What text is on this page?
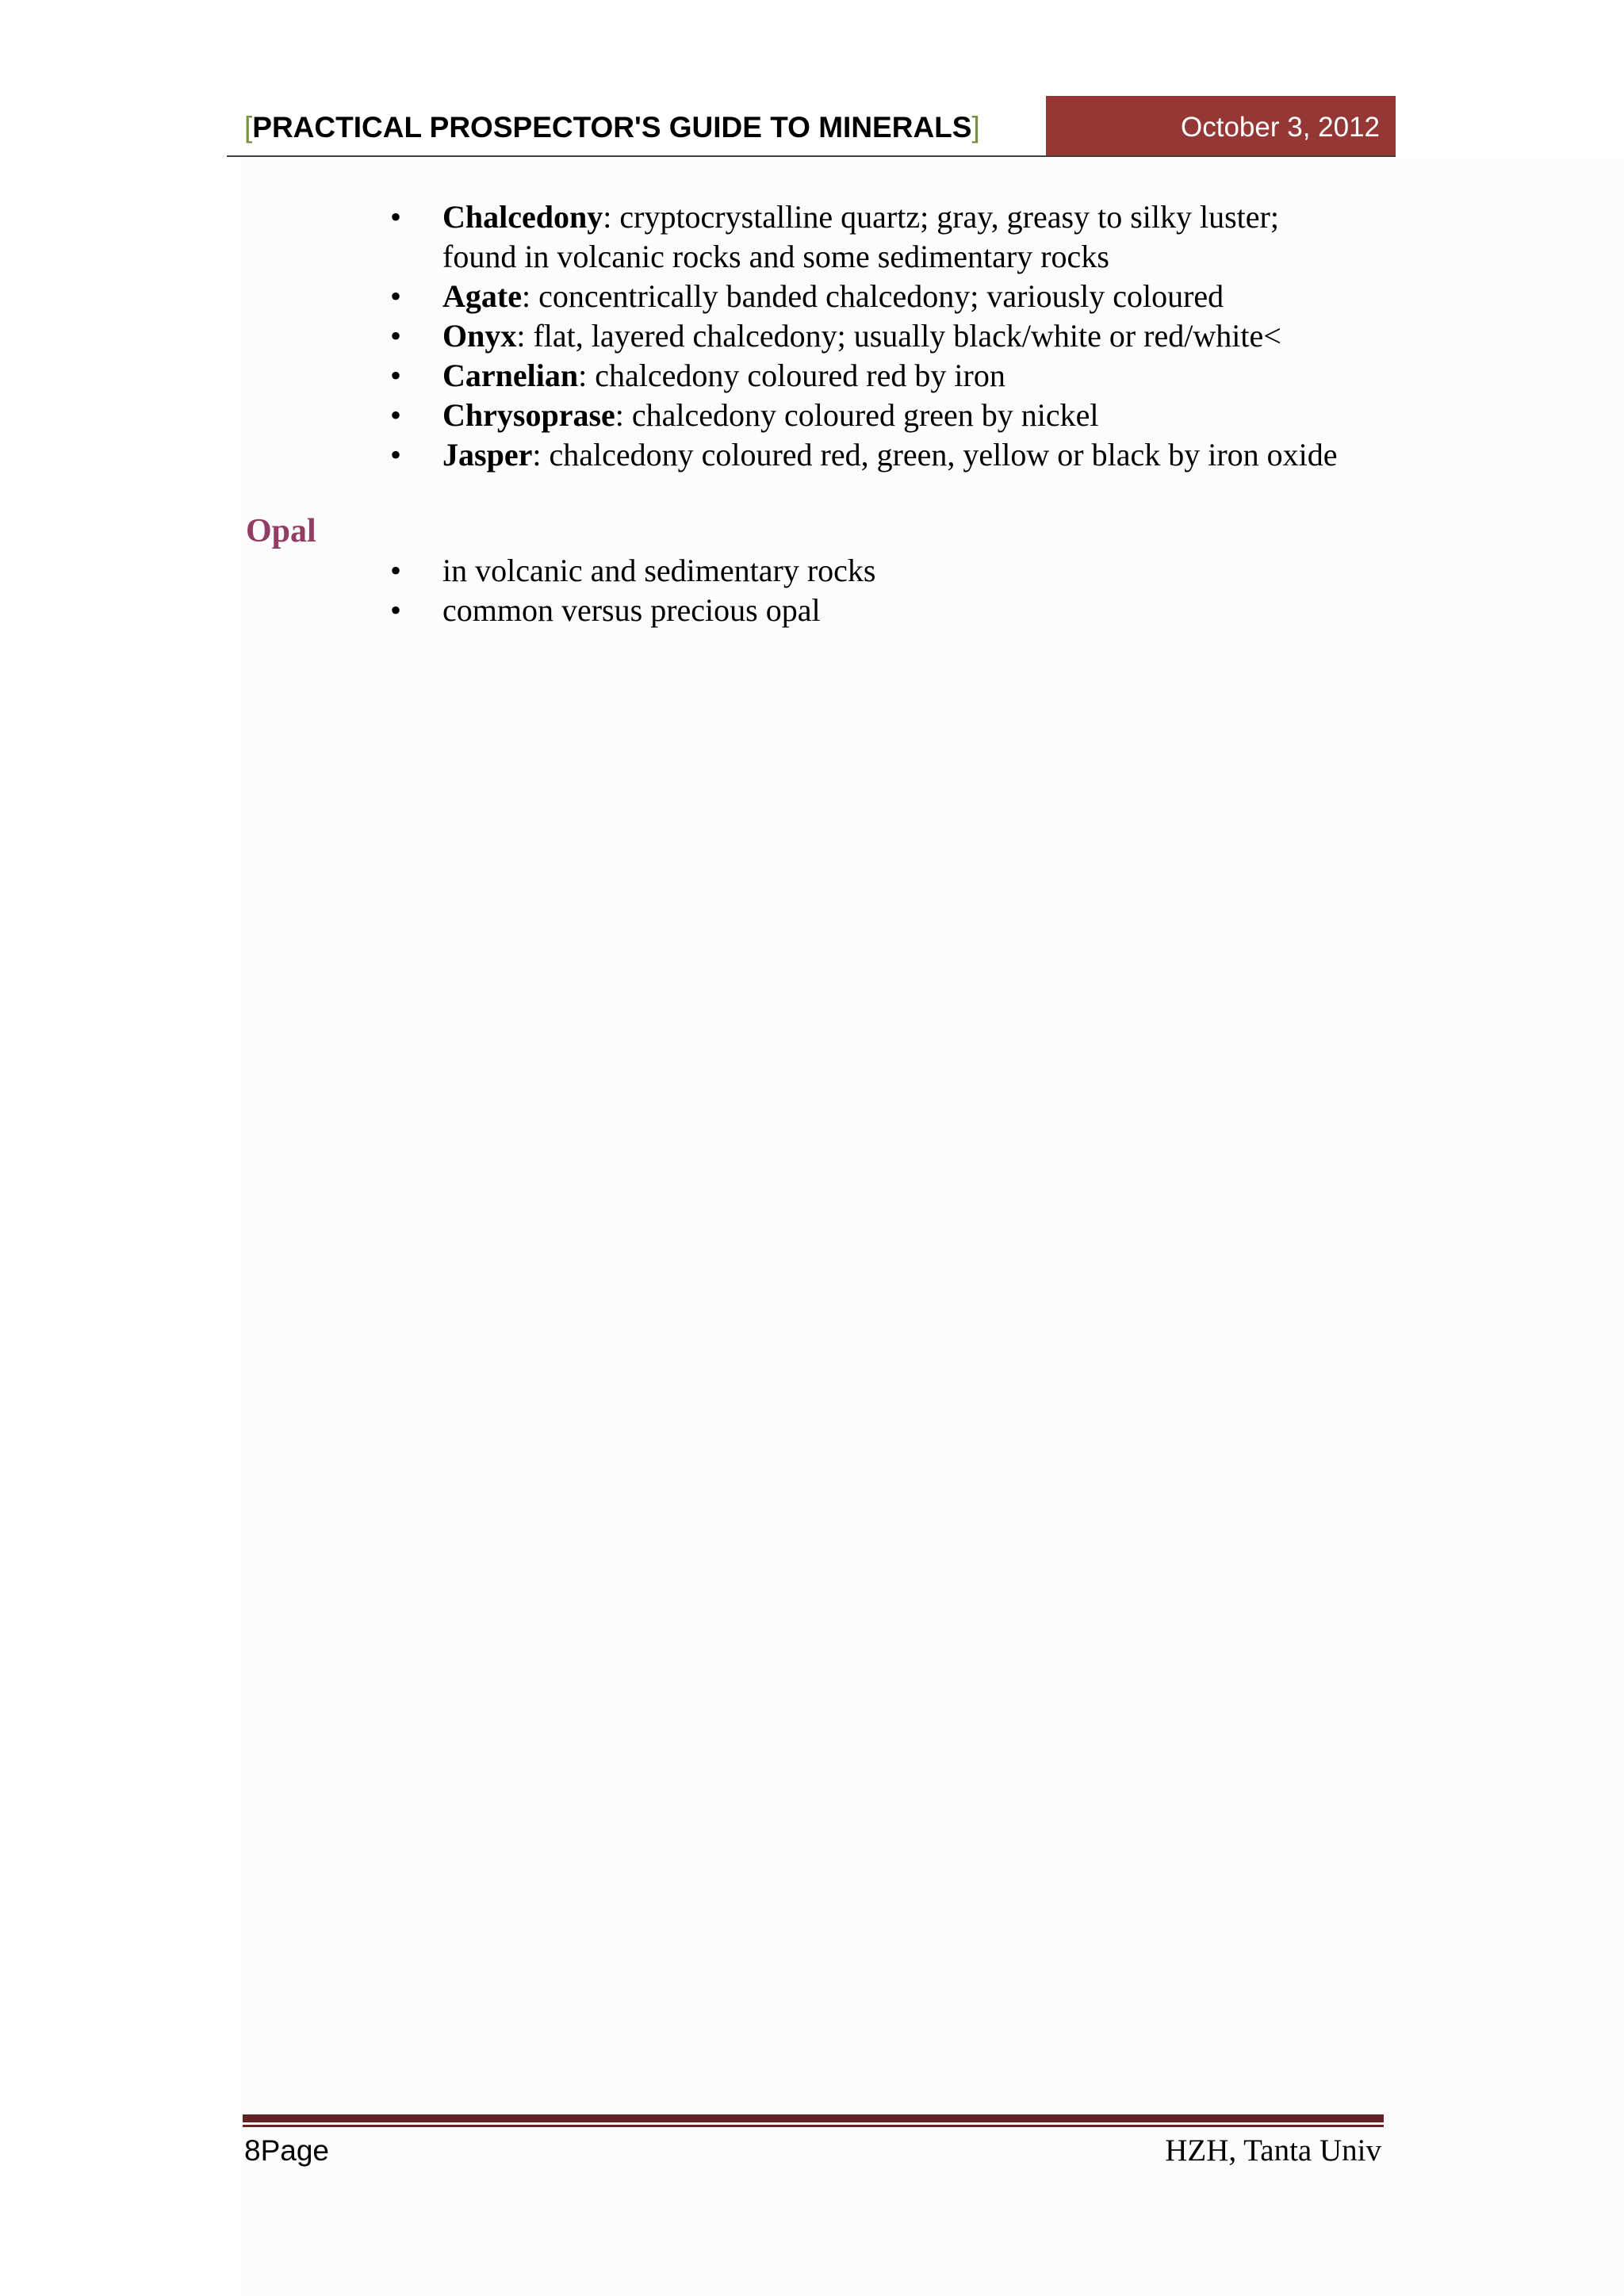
[PRACTICAL PROSPECTOR'S GUIDE TO MINERALS]	October 3, 2012
• Chalcedony: cryptocrystalline quartz; gray, greasy to silky luster;
found in volcanic rocks and some sedimentary rocks
• Agate: concentrically banded chalcedony; variously coloured
• Onyx: flat, layered chalcedony; usually black/white or red/white<
• Carnelian: chalcedony coloured red by iron
• Chrysoprase: chalcedony coloured green by nickel
• Jasper: chalcedony coloured red, green, yellow or black by iron oxide
Opal
• in volcanic and sedimentary rocks
• common versus precious opal
8Page	HZH, Tanta Univ
